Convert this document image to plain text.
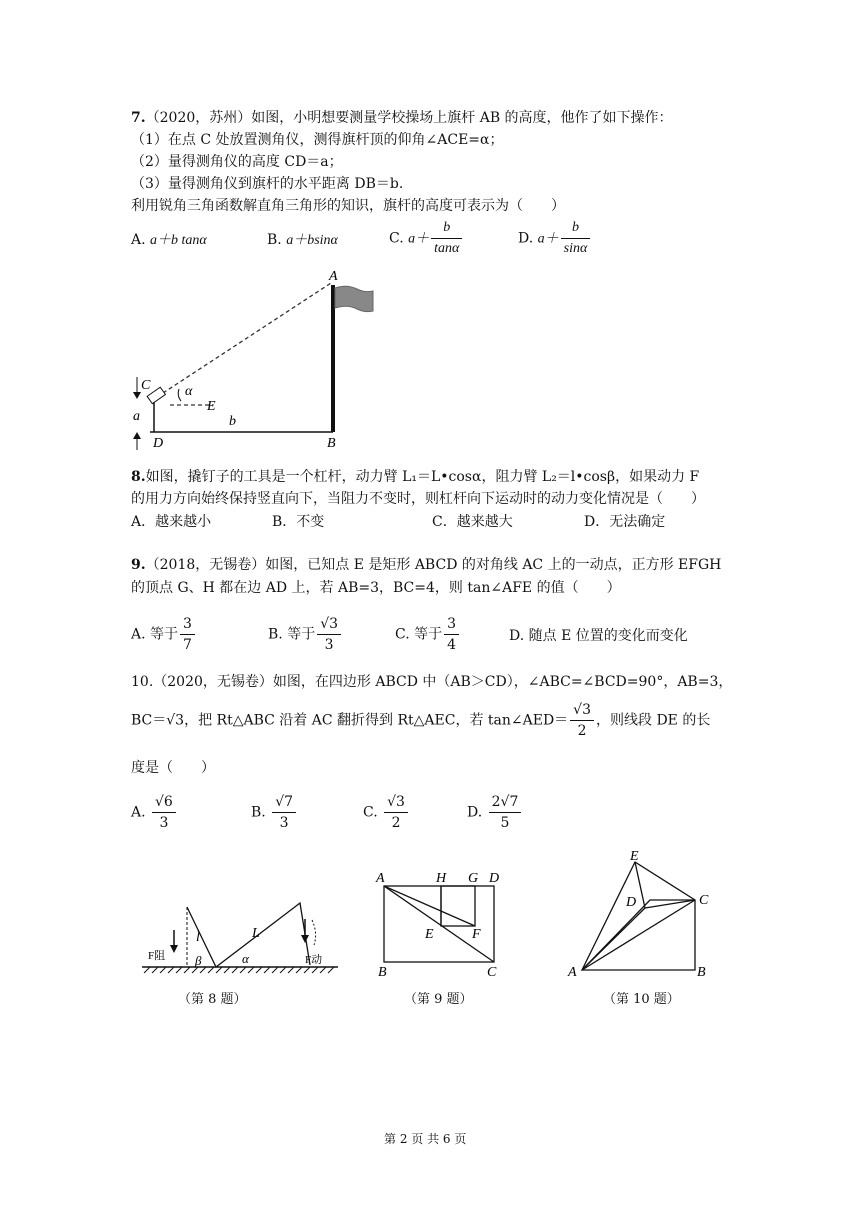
7.（2020，苏州）如图，小明想要测量学校操场上旗杆 AB 的高度，他作了如下操作：
（1）在点 C 处放置测角仪，测得旗杆顶的仰角∠ACE=α；
（2）量得测角仪的高度 CD＝a；
（3）量得测角仪到旗杆的水平距离 DB＝b.
利用锐角三角函数解直角三角形的知识，旗杆的高度可表示为（　　）
A. a＋b tanα	B. a＋bsinα	C. $a+ \frac{b}{\tan\alpha}$	D. $a+ \frac{b}{\sin\alpha}$
A
B
C
D
E
α
a	b
8.如图，撬钉子的工具是一个杠杆，动力臂 L₁＝L•cosα，阻力臂 L₂＝l•cosβ，如果动力 F
的用力方向始终保持竖直向下，当阻力不变时，则杠杆向下运动时的动力变化情况是（　　）
A．越来越小	B．不变	C．越来越大	D．无法确定
9.（2018，无锡卷）如图，已知点 E 是矩形 ABCD 的对角线 AC 上的一动点，正方形 EFGH
的顶点 G、H 都在边 AD 上，若 AB=3，BC=4，则 tan∠AFE 的值（　　）
A. 等于 $\frac{3}{7}$	B. 等于 $\frac{√3}{3}$	C. 等于 $\frac{3}{4}$	D. 随点 E 位置的变化而变化
10.（2020，无锡卷）如图，在四边形 ABCD 中（AB＞CD），∠ABC=∠BCD=90°，AB=3，
BC＝√3，把 Rt△ABC 沿着 AC 翻折得到 Rt△AEC，若 tan∠AED＝ $\frac{√3}{2}$ ，则线段 DE 的长
度是（　　）
A. $\frac{√6}{3}$	B. $\frac{√7}{3}$	C. $\frac{√3}{2}$	D. $\frac{2√7}{5}$
F阻	F动
l	L
β	α
（第 8 题）
A	H G D
E	F
B	C
（第 9 题）
E
D	C
A	B
（第 10 题）
第 2 页 共 6 页
